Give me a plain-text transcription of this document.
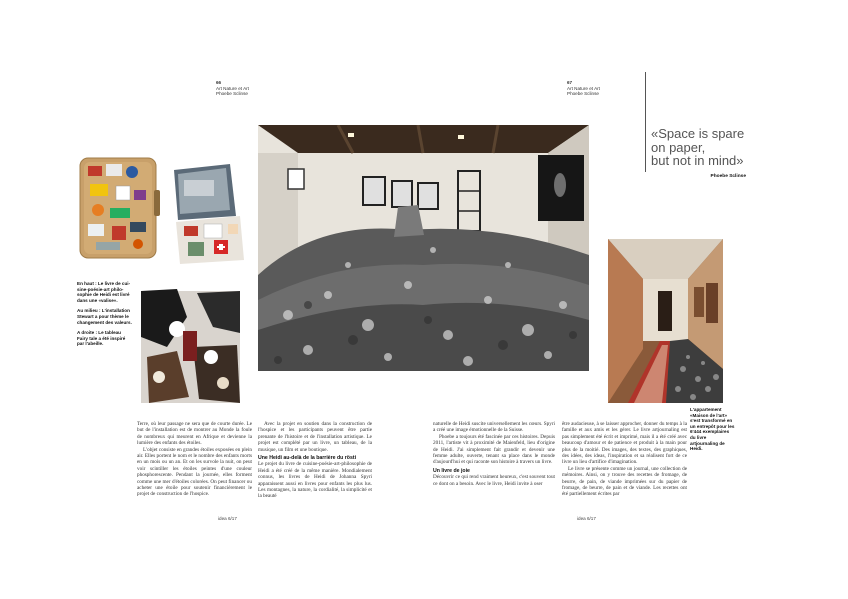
66
Art Nature et Art
Phoebe Sclinse
67
Art Nature et Art
Phoebe Sclinse
«Space is spare
on paper,
but not in mind»
Phoebe Sclinse

En haut : Le livre de cui-sine-poésie-art philo-sophie de Heidi est livré dans une «valise».

Au milieu : L'installation Stewart a pour thème le changement des valeurs.

A droite : Le tableau Fairy tale a été inspiré par l'abeille.

L'appartement «Maison de l'art» s'est transformé en un entrepôt pour les 6'444 exemplaires du livre artjournaling de Heidi.

Terre, où leur passage ne sera que de courte durée. Le but de l'installation est de montrer au Monde la foule de nombreux qui meurent en Afrique et devienne la lumière des enfants des étoiles.

L'objet consiste en grandes étoiles exposées en plein air. Elles portent le nom et le nombre des enfants morts en un mois ou un an. Et on les survole la nuit, on peut voir scintiller les étoiles peintes d'une couleur phosphorescente. Pendant la journée, elles forment comme une mer d'étoiles colorées. On peut financer ou acheter une étoile pour soutenir financièrement le projet de construction de l'hospice.

Avec la projet en soutien dans la construction de l'hospice et les participants peuvent être partie prenante de l'histoire et de l'installation artistique. Le projet est complété par un livre, un tableau, de la musique, un film et une boutique.

Une Heidi au-delà de la barrière du rösti

Le projet du livre de cuisine-poésie-art-philosophie de Heidi a été créé de la même manière. Mondialement connus, les livres de Heidi de Johanna Spyri apparaissent aussi en livres pour enfants les plus lus. Les montagnes, la nature, la cordialité, la simplicité et la beauté

naturelle de Heidi suscite universellement les cœurs. Spyri a créé une image émotionnelle de la Suisse.

Phoebe a toujours été fascinée par ces histoires. Depuis 2011, l'artiste vit à proximité de Maienfeld, lieu d'origine de Heidi. J'ai simplement fait grandir et devenir une femme adulte, ouverte, tenant sa place dans le monde d'aujourd'hui et qui raconte son histoire à travers un livre.

Un livre de joie

Découvrir ce qui rend vraiment heureux, c'est souvent tout ce dont on a besoin. Avec le livre, Heidi invite à oser

être audacieuse, à se laisser approcher, donner du temps à la famille et aux amis et les gérer. Le livre artjournaling est pas simplement été écrit et imprimé, mais il a été créé avec beaucoup d'amour et de patience et produit à la main pour plus de la moitié. Des images, des textes, des graphiques, des idées, des ideas, l'inspiration et sa réalisent fort de ce livre un lieu d'artifice d'imagination.

Le livre se présente comme un journal, une collection de mémoires. Ainsi, on y trouve des recettes de fromage, de beurre, de pain, de viande imprimées sur du papier de fromage, de beurre, de pain et de viande. Les recettes ont été partiellement écrites par

idea 6/17	idea 6/17
